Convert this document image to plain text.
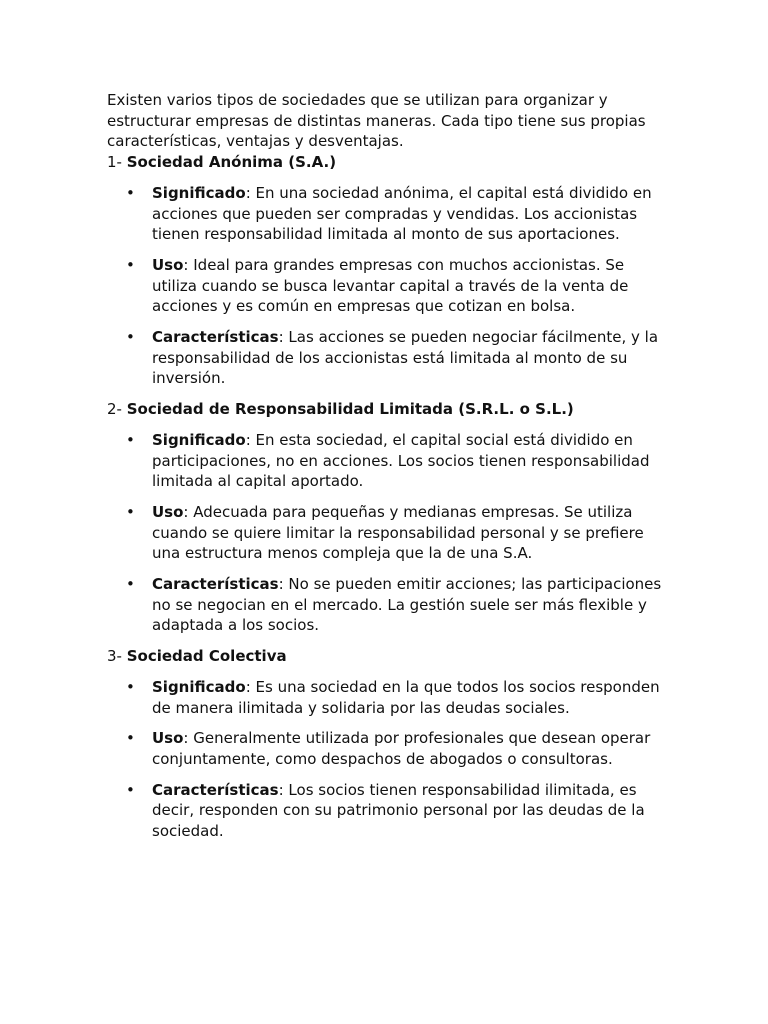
Existen varios tipos de sociedades que se utilizan para organizar y estructurar empresas de distintas maneras. Cada tipo tiene sus propias características, ventajas y desventajas.

1- Sociedad Anónima (S.A.)

• Significado: En una sociedad anónima, el capital está dividido en acciones que pueden ser compradas y vendidas. Los accionistas tienen responsabilidad limitada al monto de sus aportaciones.
• Uso: Ideal para grandes empresas con muchos accionistas. Se utiliza cuando se busca levantar capital a través de la venta de acciones y es común en empresas que cotizan en bolsa.
• Características: Las acciones se pueden negociar fácilmente, y la responsabilidad de los accionistas está limitada al monto de su inversión.

2- Sociedad de Responsabilidad Limitada (S.R.L. o S.L.)

• Significado: En esta sociedad, el capital social está dividido en participaciones, no en acciones. Los socios tienen responsabilidad limitada al capital aportado.
• Uso: Adecuada para pequeñas y medianas empresas. Se utiliza cuando se quiere limitar la responsabilidad personal y se prefiere una estructura menos compleja que la de una S.A.
• Características: No se pueden emitir acciones; las participaciones no se negocian en el mercado. La gestión suele ser más flexible y adaptada a los socios.

3- Sociedad Colectiva

• Significado: Es una sociedad en la que todos los socios responden de manera ilimitada y solidaria por las deudas sociales.
• Uso: Generalmente utilizada por profesionales que desean operar conjuntamente, como despachos de abogados o consultoras.
• Características: Los socios tienen responsabilidad ilimitada, es decir, responden con su patrimonio personal por las deudas de la sociedad.
